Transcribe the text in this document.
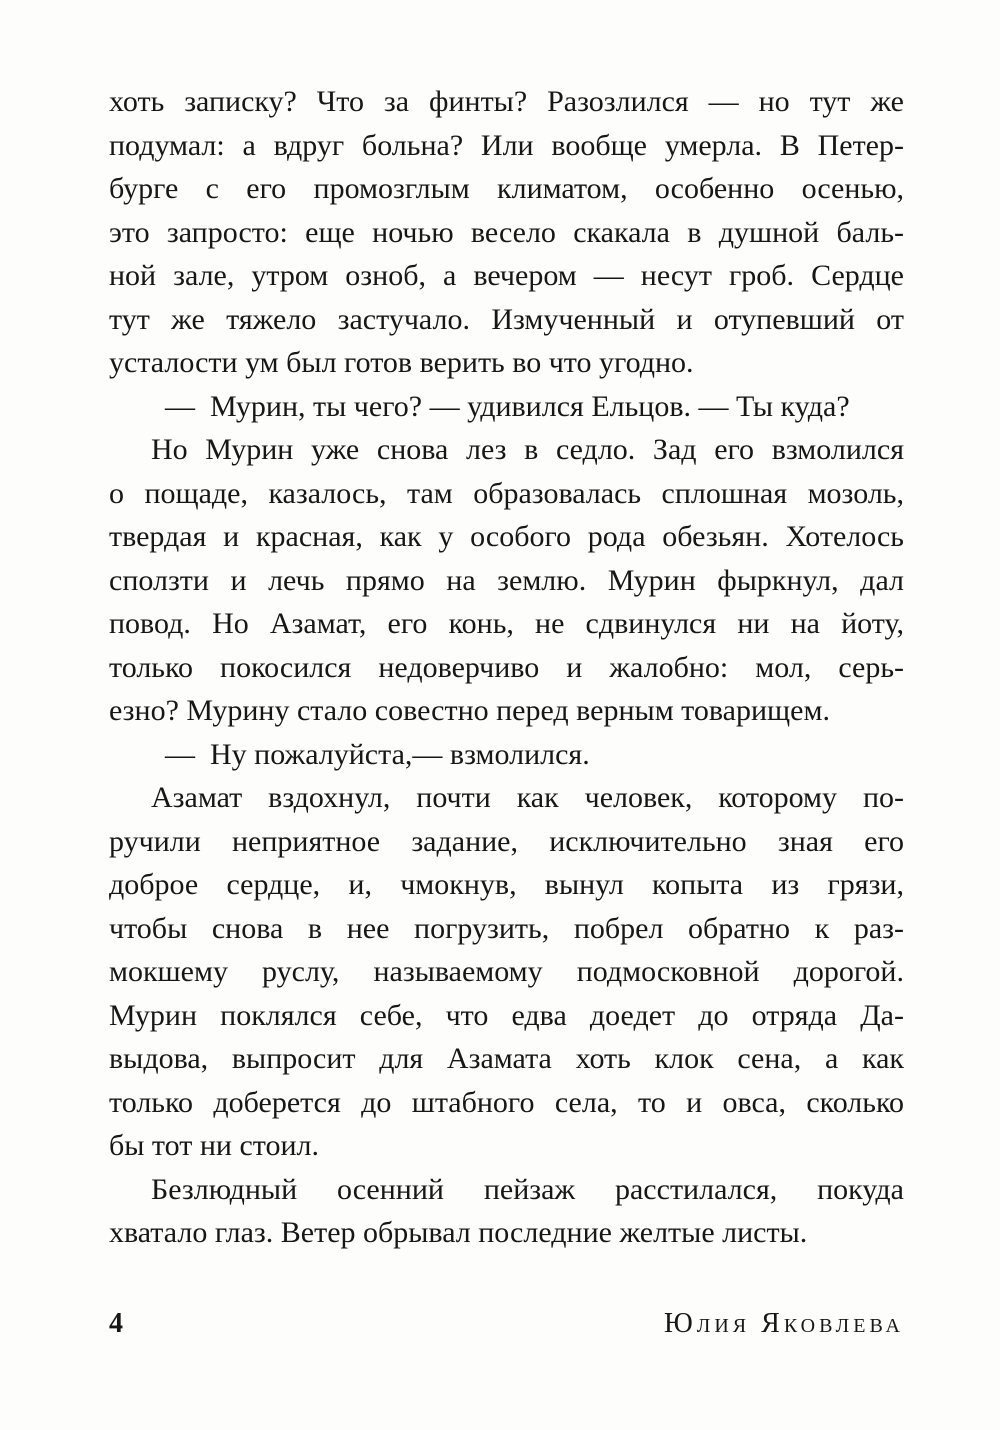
хоть записку? Что за финты? Разозлился — но тут же
подумал: а вдруг больна? Или вообще умерла. В Петер-
бурге с его промозглым климатом, особенно осенью,
это запросто: еще ночью весело скакала в душной баль-
ной зале, утром озноб, а вечером — несут гроб. Сердце
тут же тяжело застучало. Измученный и отупевший от
усталости ум был готов верить во что угодно.
— Мурин, ты чего? — удивился Ельцов. — Ты куда?
Но Мурин уже снова лез в седло. Зад его взмолился
о пощаде, казалось, там образовалась сплошная мозоль,
твердая и красная, как у особого рода обезьян. Хотелось
сползти и лечь прямо на землю. Мурин фыркнул, дал
повод. Но Азамат, его конь, не сдвинулся ни на йоту,
только покосился недоверчиво и жалобно: мол, серь-
езно? Мурину стало совестно перед верным товарищем.
— Ну пожалуйста,— взмолился.
Азамат вздохнул, почти как человек, которому по-
ручили неприятное задание, исключительно зная его
доброе сердце, и, чмокнув, вынул копыта из грязи,
чтобы снова в нее погрузить, побрел обратно к раз-
мокшему руслу, называемому подмосковной дорогой.
Мурин поклялся себе, что едва доедет до отряда Да-
выдова, выпросит для Азамата хоть клок сена, а как
только доберется до штабного села, то и овса, сколько
бы тот ни стоил.
Безлюдный осенний пейзаж расстилался, покуда
хватало глаз. Ветер обрывал последние желтые листы.
4	Юлия Яковлева
